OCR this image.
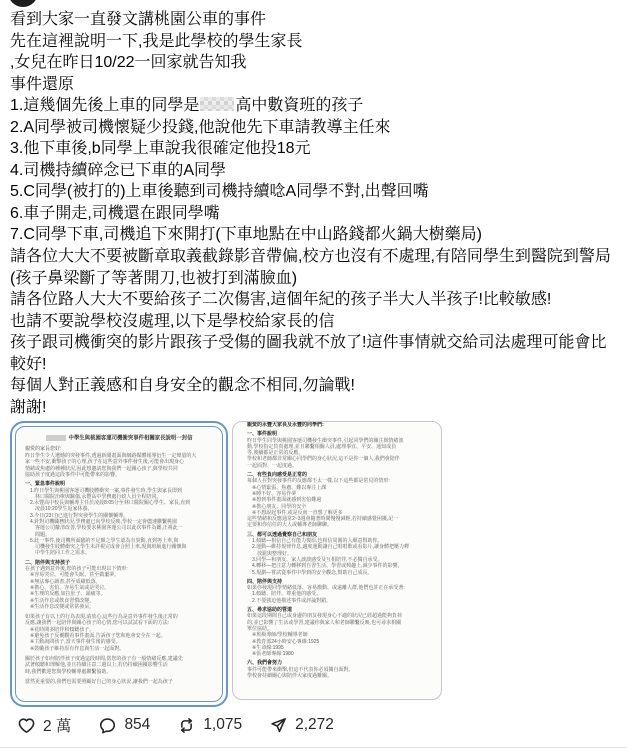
看到大家一直發文講桃園公車的事件
先在這裡說明一下,我是此學校的學生家長
,女兒在昨日10/22一回家就告知我
事件還原
1.這幾個先後上車的同學是 高中數資班的孩子
2.A同學被司機懷疑少投錢,他說他先下車請教導主任來
3.他下車後,b同學上車說我很確定他投18元
4.司機持續碎念已下車的A同學
5.C同學(被打的)上車後聽到司機持續唸A同學不對,出聲回嘴
6.車子開走,司機還在跟同學嘴
7.C同學下車,司機追下來開打(下車地點在中山路錢都火鍋大樹藥局)
請各位大大不要被斷章取義截錄影音帶偏,校方也沒有不處理,有陪同學生到醫院到警局
(孩子鼻梁斷了等著開刀,也被打到滿臉血)
請各位路人大大不要給孩子二次傷害,這個年紀的孩子半大人半孩子!比較敏感!
也請不要說學校沒處理,以下是學校給家長的信
孩子跟司機衝突的影片跟孩子受傷的圖我就不放了!這件事情就交給司法處理可能會比
較好!
每個人對正義感和自身安全的觀念不相同,勿論戰!
謝謝!
中學生與桃園客運司機衝突事件相關家長說明一封信
親愛的家長您好:
昨日學生令人遺憾的突發事件,透過新聞畫面與網路媒體報導衍生一定聲量的大
家一些不安,衝擊孩子的心理,孩子在這些意外事件發生後,可能會出現身心
情緒或焦慮的種種狀況,因此想邀請您與我們一起關心孩子,與學校共同
協助孩子度過這段事件中可能帶來的影響。
一、緊急事件說明
1.昨日學生與桃園客運司機肢體衝突一案,事件發生時,學生與家長即到
林口醫院治療與驗傷,永豐高中學務處行政人員全程陪同。
2.永豐高中校長與輔導主任於凌晨8:05分至林口醫院關心學生、家長,直到
凌晨10:20學生返家休養。
3.今日(23日)已進行對突發學生的關懷輔導。
4.針對司機職務狀況,學務處已向學校反映,學校一定會儘速聯繫桃園
客運公司釐清改善,學校要求桃園客運公司以此次事件為鑑,正視此一
問題。
5.此一事件,使司機所面臨的不足額之學生認為有異動,直到再上車,與
司機發生肢體衝突之學生未詳視完成會合照上車,現與班級進行關懷與
中學生陪同工作之需求。
二、陪伴與支持孩子
在孩子遇到意外後,您的孩子可能出現以下情形:
※容易哭泣、可能會失眠、甚至做噩夢。
※無法專心讀書,甚至成績低落。
※擔心、害怕、容易生氣或是哭泣。
※生理的反應,如拉肚子、頭痛等。
※生活作息或飲食習慣改變。
※生活作息改變或常常發呆。
如果孩子有以上的行為表現,請放心,這些行為是意外事件發生後正常的
反應,讓我們一起陪伴與關心孩子的心情,您可以試試看下面的方法:
※花時間多陪伴和傾聽孩子。
※避免孩子反覆觀看事件畫面,告訴孩子您和他會安全在一起。
※主動詢問孩子,當天事件發生後的感受。
※鼓勵孩子維持原有作息與生活一起面對。
關於孩子如何陪伴孩子度過這段時間,當您的孩子有一般情緒反應,建議先
試著傾聽和理解他,並且持續注意二週以上,若仍持續困擾影響生活
時,我們歡迎您與學校輔導處聯繫協助。
當然更重要的,我們也需要照顧好自己的身心狀況,讓我們一起為孩子
親愛的永豐大家長及永豐的同學們:
一、事件說明
昨日學生同學與桃園客運司機發生衝突事件,引起同學們的關注與情緒波
動,學校指定負責處理,並且聯繫相關人員,處理事宜、平安、通知成員
等,後續都是正常的反應。
學校和老師都非常關心同學們的身心狀況,這不是你一個人,我們會陪伴
一起面對、一起度過。
二、有些負向感受是正常的
每個人在對突發事件的反應都不太一樣,以下這些都是常見的情形:
※心情緊張、焦慮、難以專注上課
※睡不好、容易作夢
※想到事件畫面就感到害怕難過
※擔心朋友、同學的安全
※不想說起事件,或是反而一直想了解更多
這些情緒和反應通常2~3週會隨著時間慢慢減輕,若持續感覺困擾,記一
定要和你信任的大人或輔導老師聊聊。
三、都可以透過覺察自己和朋友
1.傾聽—相信自己有能力復原,也相信周圍的人願意幫助你。
2.運動—維持規律作息,適度運動讓自己唱唱歌或看影片,讓身體把壓力釋
放鬆與整理好。
3.同學—和朋友、家人談談感受及互相陪伴,不必獨自承受。
4.轉移—把注意力轉移到自習生活、學習或興趣上,減少事件的影響。
5.規劃—嘗試從事件中學到的安全觀念,幫助自己成長。
四、陪伴與支持
如果你發現同學情緒低落、容易激動、或遠離人群,他們也許正在承受著:
1.傾聽、陪伴、尊重他的感受。
2.不要強迫他描述事件或評論對錯。
五、尋求協助的管道
如果這段期間自己或身邊的朋友發現身心不適的狀況已經超過能夠負荷
的,並已影響了生活或學習,建議你與家人和老師聯繫反映,也可尋求相關
單位協助。
※班級導師/學校輔導老師
※教育部24小時安心專線:1925
※生命線:1995
※張老師專線:1980
六、我們會努力
事件可能帶來衝擊,但這不代表你必須獨自面對。
學校會持續關心與陪伴大家度過難關。
2 萬	854	1,075	2,272
